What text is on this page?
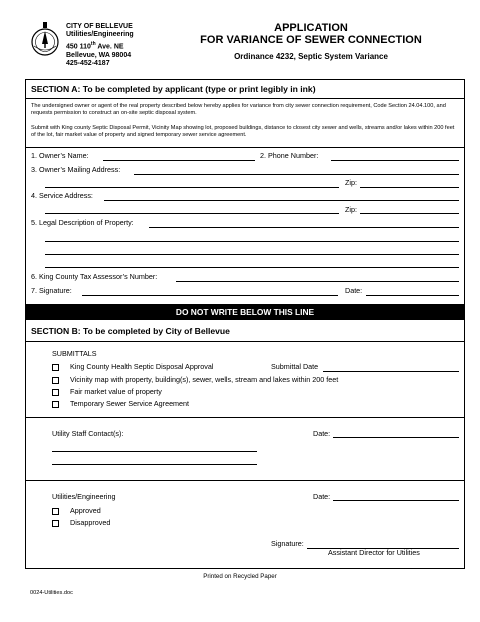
CITY OF BELLEVUE
Utilities/Engineering
450 110th Ave. NE
Bellevue, WA 98004
425-452-4187
APPLICATION
FOR VARIANCE OF SEWER CONNECTION
Ordinance 4232, Septic System Variance
SECTION A: To be completed by applicant (type or print legibly in ink)
The undersigned owner or agent of the real property described below hereby applies for variance from city sewer connection requirement, Code Section 24.04.100, and requests permission to construct an on-site septic disposal system.
Submit with King county Septic Disposal Permit, Vicinity Map showing lot, proposed buildings, distance to closest city sewer and wells, streams and/or lakes within 200 feet of the lot, fair market value of property and signed temporary sewer service agreement.
1. Owner’s Name:	2. Phone Number:
3. Owner’s Mailing Address:
Zip:
4. Service Address:
Zip:
5. Legal Description of Property:
6. King County Tax Assessor’s Number:
7. Signature:	Date:
DO NOT WRITE BELOW THIS LINE
SECTION B: To be completed by City of Bellevue
SUBMITTALS
King County Health Septic Disposal Approval	Submittal Date
Vicinity map with property, building(s), sewer, wells, stream and lakes within 200 feet
Fair market value of property
Temporary Sewer Service Agreement
Utility Staff Contact(s):	Date:
Utilities/Engineering	Date:
Approved
Disapproved
Signature:
Assistant Director for Utilities
Printed on Recycled Paper
0024-Utilities.doc
